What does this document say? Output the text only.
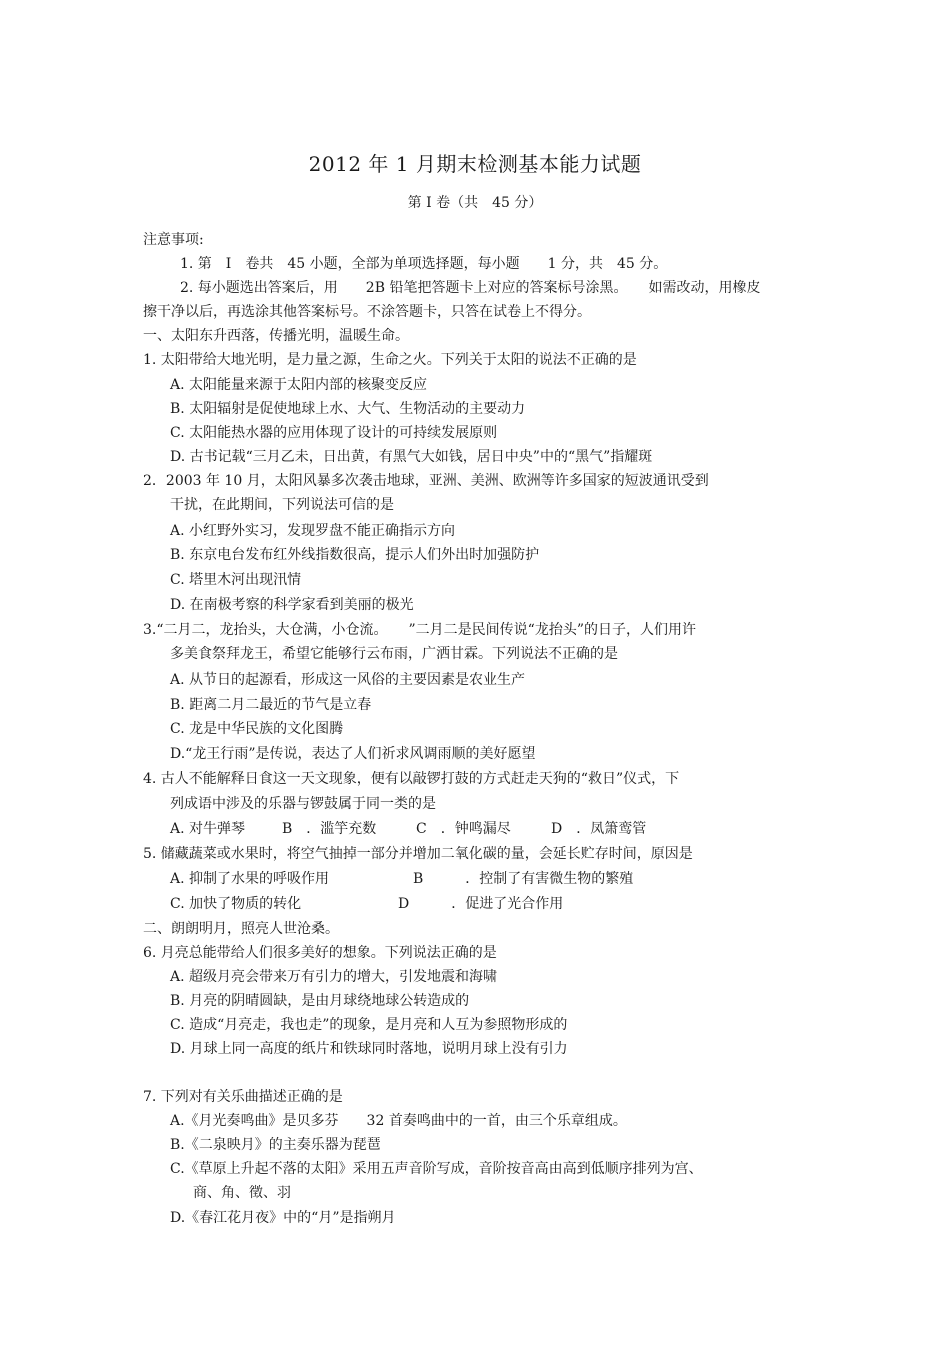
2012 年 1 月期末检测基本能力试题
第 I 卷（共　45 分）
注意事项:
1. 第　I　卷共　45 小题，全部为单项选择题，每小题　　1 分，共　45 分。
2. 每小题选出答案后，用　　2B 铅笔把答题卡上对应的答案标号涂黑。　　如需改动，用橡皮
擦干净以后，再选涂其他答案标号。不涂答题卡，只答在试卷上不得分。
一、太阳东升西落，传播光明，温暖生命。
1. 太阳带给大地光明，是力量之源，生命之火。下列关于太阳的说法不正确的是
A. 太阳能量来源于太阳内部的核聚变反应
B. 太阳辐射是促使地球上水、大气、生物活动的主要动力
C. 太阳能热水器的应用体现了设计的可持续发展原则
D. 古书记载“三月乙未，日出黄，有黑气大如钱，居日中央”中的“黑气”指耀斑
2．2003 年 10 月，太阳风暴多次袭击地球，亚洲、美洲、欧洲等许多国家的短波通讯受到
干扰，在此期间，下列说法可信的是
A. 小红野外实习，发现罗盘不能正确指示方向
B. 东京电台发布红外线指数很高，提示人们外出时加强防护
C. 塔里木河出现汛情
D. 在南极考察的科学家看到美丽的极光
3.“二月二，龙抬头，大仓满，小仓流。　　”二月二是民间传说“龙抬头”的日子，人们用许
多美食祭拜龙王，希望它能够行云布雨，广洒甘霖。下列说法不正确的是
A. 从节日的起源看，形成这一风俗的主要因素是农业生产
B. 距离二月二最近的节气是立春
C. 龙是中华民族的文化图腾
D.“龙王行雨”是传说，表达了人们祈求风调雨顺的美好愿望
4. 古人不能解释日食这一天文现象，便有以敲锣打鼓的方式赶走天狗的“救日”仪式，下
列成语中涉及的乐器与锣鼓属于同一类的是
A. 对牛弹琴	B　．滥竽充数	C　．钟鸣漏尽	D　．凤箫鸾管
5. 储藏蔬菜或水果时，将空气抽掉一部分并增加二氧化碳的量，会延长贮存时间，原因是
A. 抑制了水果的呼吸作用	B　　　．控制了有害微生物的繁殖
C. 加快了物质的转化	D　　　．促进了光合作用
二、朗朗明月，照亮人世沧桑。
6. 月亮总能带给人们很多美好的想象。下列说法正确的是
A. 超级月亮会带来万有引力的增大，引发地震和海啸
B. 月亮的阴晴圆缺，是由月球绕地球公转造成的
C. 造成“月亮走，我也走”的现象，是月亮和人互为参照物形成的
D. 月球上同一高度的纸片和铁球同时落地，说明月球上没有引力
7. 下列对有关乐曲描述正确的是
A.《月光奏鸣曲》是贝多芬　　32 首奏鸣曲中的一首，由三个乐章组成。
B.《二泉映月》的主奏乐器为琵琶
C.《草原上升起不落的太阳》采用五声音阶写成，音阶按音高由高到低顺序排列为宫、
商、角、徵、羽
D.《春江花月夜》中的“月”是指朔月
